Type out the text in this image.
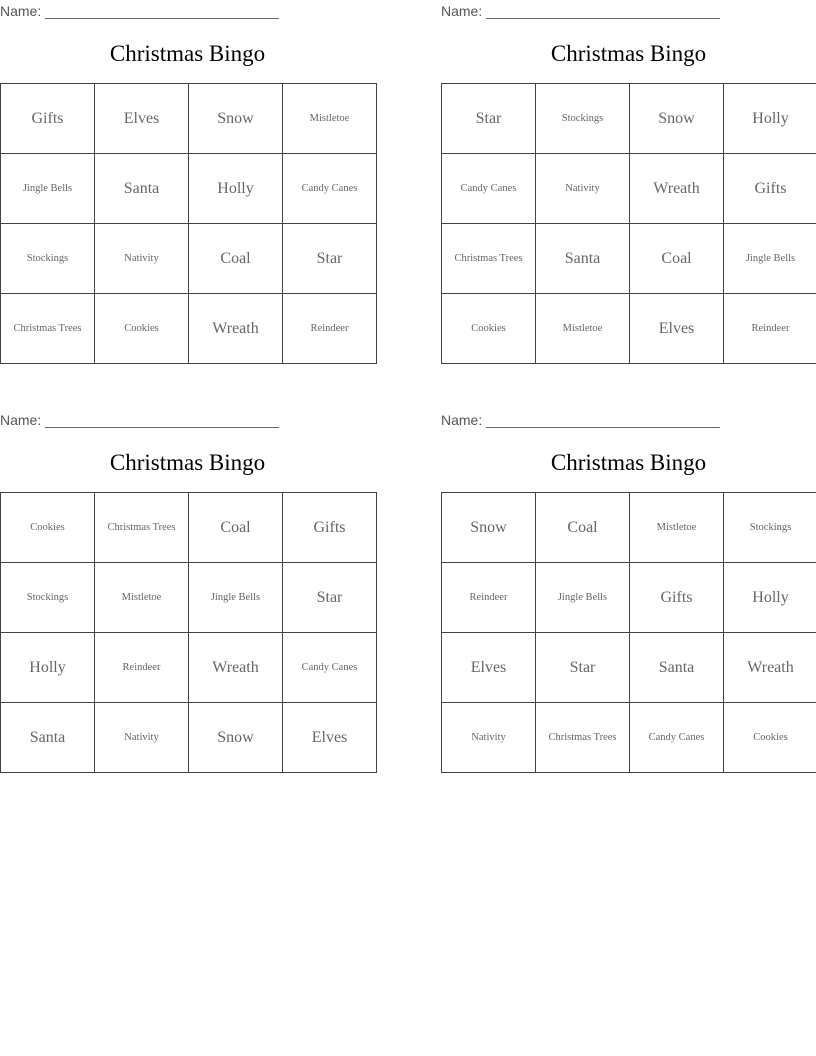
Name: ______________________________
Christmas Bingo
Gifts	Elves	Snow	Mistletoe
Jingle Bells	Santa	Holly	Candy Canes
Stockings	Nativity	Coal	Star
Christmas Trees	Cookies	Wreath	Reindeer
Name: ______________________________
Christmas Bingo
Star	Stockings	Snow	Holly
Candy Canes	Nativity	Wreath	Gifts
Christmas Trees	Santa	Coal	Jingle Bells
Cookies	Mistletoe	Elves	Reindeer
Name: ______________________________
Christmas Bingo
Cookies	Christmas Trees	Coal	Gifts
Stockings	Mistletoe	Jingle Bells	Star
Holly	Reindeer	Wreath	Candy Canes
Santa	Nativity	Snow	Elves
Name: ______________________________
Christmas Bingo
Snow	Coal	Mistletoe	Stockings
Reindeer	Jingle Bells	Gifts	Holly
Elves	Star	Santa	Wreath
Nativity	Christmas Trees	Candy Canes	Cookies
